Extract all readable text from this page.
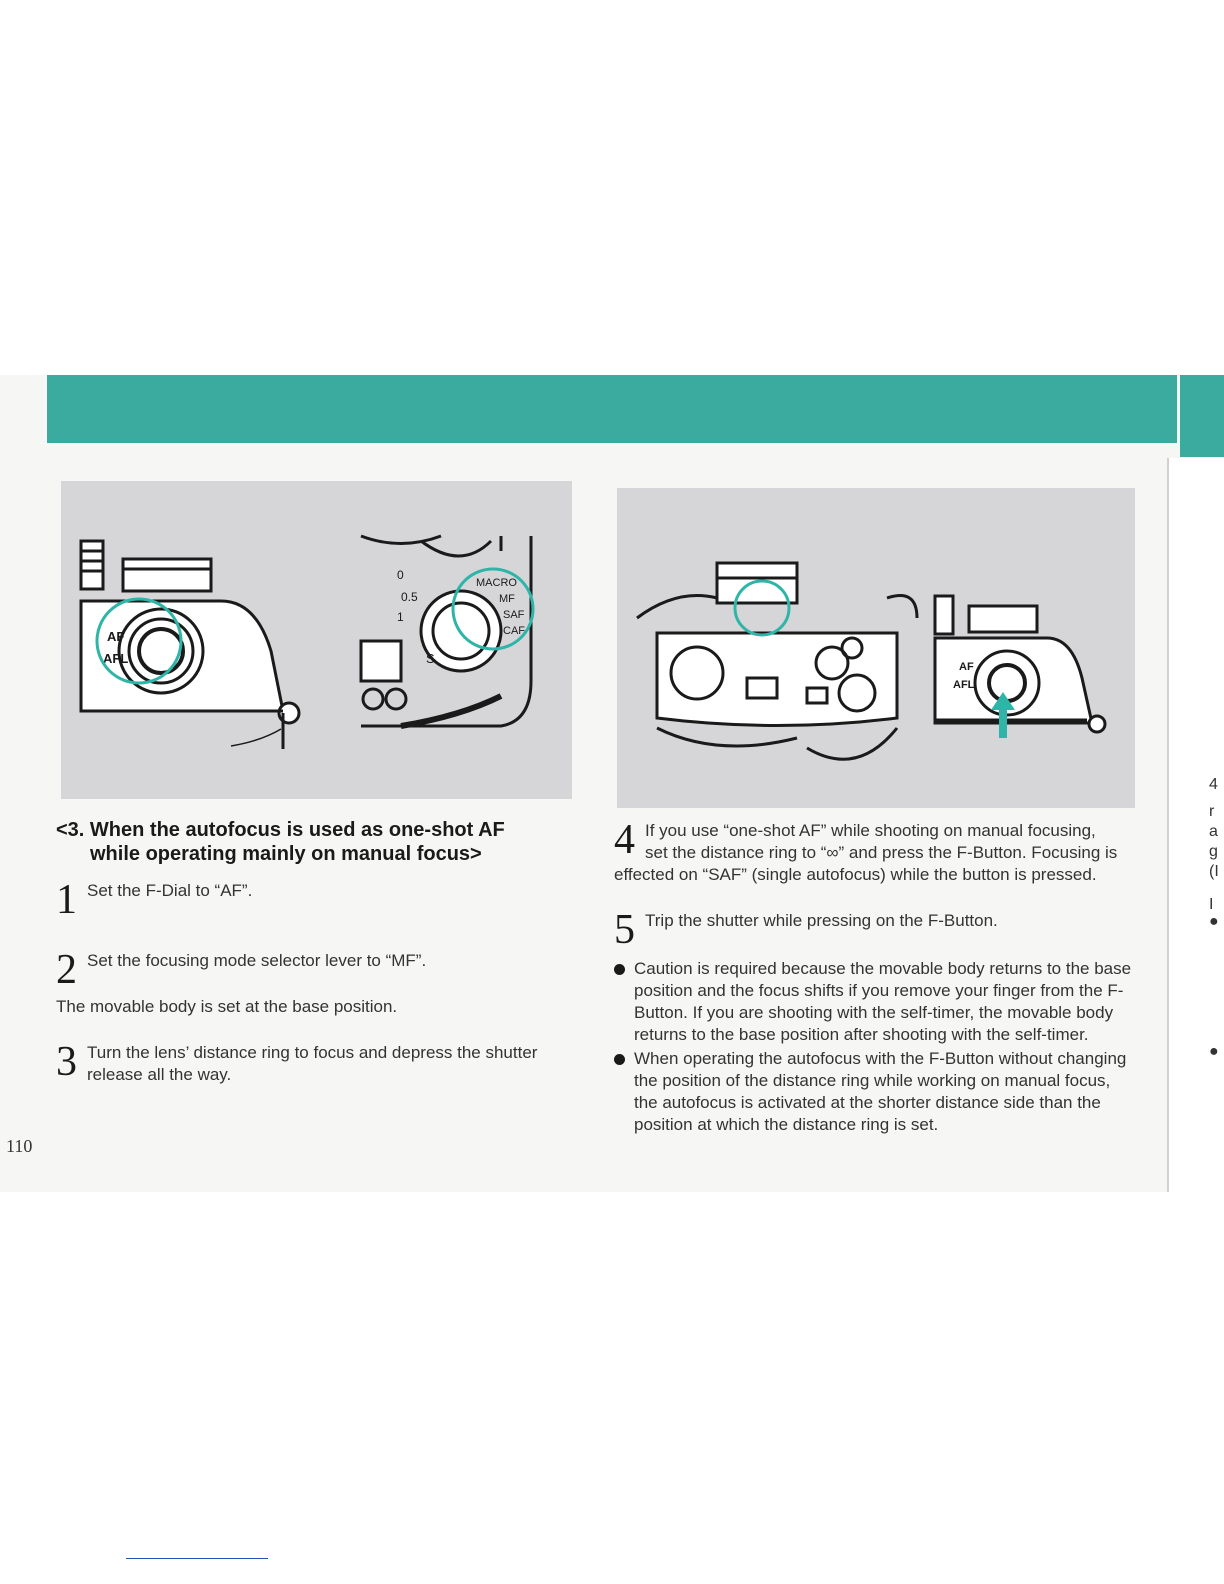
4
r
a
g
(I
I
●
●
AF
AFL
0
0.5
1
S
MACRO
MF
SAF
CAF
AF
AFL
<3. When the autofocus is used as one-shot AF
while operating mainly on manual focus>
1 Set the F-Dial to “AF”.
2 Set the focusing mode selector lever to “MF”.
The movable body is set at the base position.
3 Turn the lens’ distance ring to focus and depress the shutter release all the way.
4 If you use “one-shot AF” while shooting on manual focusing, set the distance ring to “∞” and press the F-Button. Focusing is effected on “SAF” (single autofocus) while the button is pressed.
5 Trip the shutter while pressing on the F-Button.
Caution is required because the movable body returns to the base position and the focus shifts if you remove your finger from the F-Button. If you are shooting with the self-timer, the movable body returns to the base position after shooting with the self-timer.
When operating the autofocus with the F-Button without changing the position of the distance ring while working on manual focus, the autofocus is activated at the shorter distance side than the position at which the distance ring is set.
110
